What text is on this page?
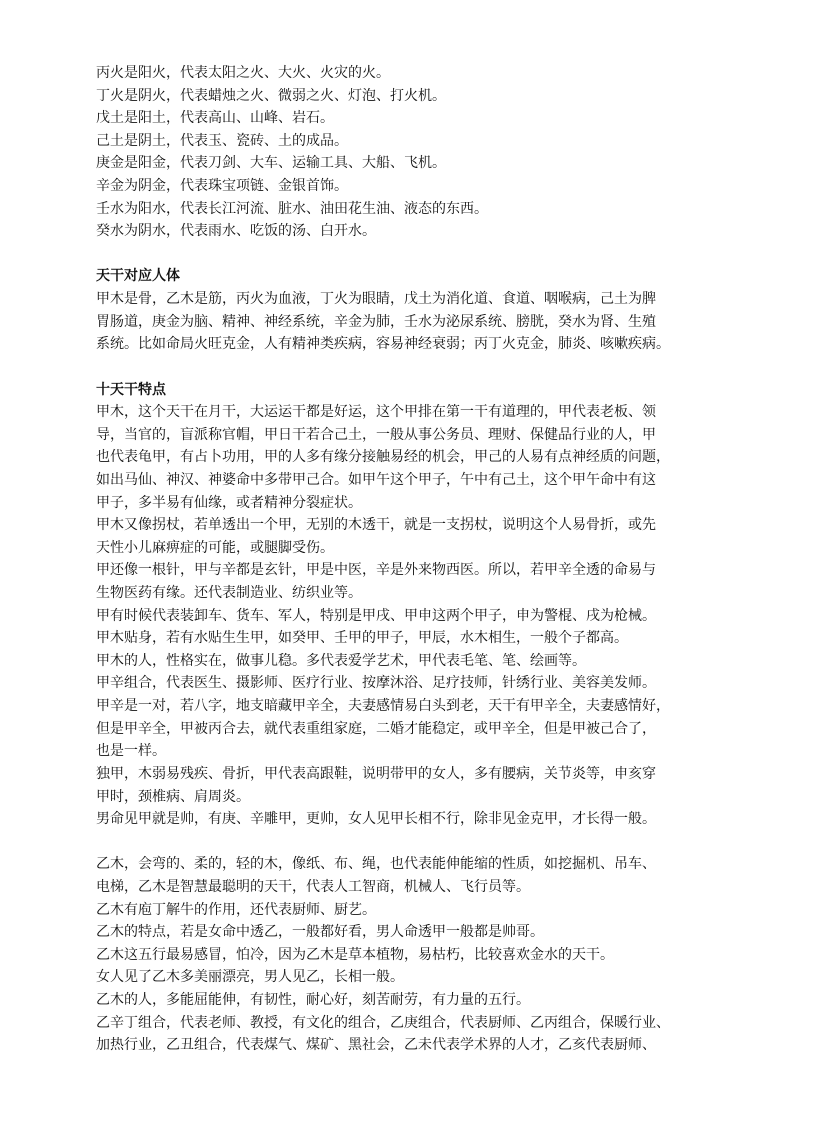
丙火是阳火，代表太阳之火、大火、火灾的火。
丁火是阴火，代表蜡烛之火、微弱之火、灯泡、打火机。
戊土是阳土，代表高山、山峰、岩石。
己土是阴土，代表玉、瓷砖、土的成品。
庚金是阳金，代表刀剑、大车、运输工具、大船、飞机。
辛金为阴金，代表珠宝项链、金银首饰。
壬水为阳水，代表长江河流、脏水、油田花生油、液态的东西。
癸水为阴水，代表雨水、吃饭的汤、白开水。
天干对应人体
甲木是骨，乙木是筋，丙火为血液，丁火为眼睛，戊土为消化道、食道、咽喉病，己土为脾
胃肠道，庚金为脑、精神、神经系统，辛金为肺，壬水为泌尿系统、膀胱，癸水为肾、生殖
系统。比如命局火旺克金，人有精神类疾病，容易神经衰弱；丙丁火克金，肺炎、咳嗽疾病。
十天干特点
甲木，这个天干在月干，大运运干都是好运，这个甲排在第一干有道理的，甲代表老板、领
导，当官的，盲派称官帽，甲日干若合己土，一般从事公务员、理财、保健品行业的人，甲
也代表龟甲，有占卜功用，甲的人多有缘分接触易经的机会，甲己的人易有点神经质的问题，
如出马仙、神汉、神婆命中多带甲己合。如甲午这个甲子，午中有己土，这个甲午命中有这
甲子，多半易有仙缘，或者精神分裂症状。
甲木又像拐杖，若单透出一个甲，无别的木透干，就是一支拐杖，说明这个人易骨折，或先
天性小儿麻痹症的可能，或腿脚受伤。
甲还像一根针，甲与辛都是玄针，甲是中医，辛是外来物西医。所以，若甲辛全透的命易与
生物医药有缘。还代表制造业、纺织业等。
甲有时候代表装卸车、货车、军人，特别是甲戌、甲申这两个甲子，申为警棍、戌为枪械。
甲木贴身，若有水贴生生甲，如癸甲、壬甲的甲子，甲辰，水木相生，一般个子都高。
甲木的人，性格实在，做事儿稳。多代表爱学艺术，甲代表毛笔、笔、绘画等。
甲辛组合，代表医生、摄影师、医疗行业、按摩沐浴、足疗技师，针绣行业、美容美发师。
甲辛是一对，若八字，地支暗藏甲辛全，夫妻感情易白头到老，天干有甲辛全，夫妻感情好，
但是甲辛全，甲被丙合去，就代表重组家庭，二婚才能稳定，或甲辛全，但是甲被己合了，
也是一样。
独甲，木弱易残疾、骨折，甲代表高跟鞋，说明带甲的女人，多有腰病，关节炎等，申亥穿
甲时，颈椎病、肩周炎。
男命见甲就是帅，有庚、辛雕甲，更帅，女人见甲长相不行，除非见金克甲，才长得一般。
乙木，会弯的、柔的，轻的木，像纸、布、绳，也代表能伸能缩的性质，如挖掘机、吊车、
电梯，乙木是智慧最聪明的天干，代表人工智商，机械人、飞行员等。
乙木有庖丁解牛的作用，还代表厨师、厨艺。
乙木的特点，若是女命中透乙，一般都好看，男人命透甲一般都是帅哥。
乙木这五行最易感冒，怕冷，因为乙木是草本植物，易枯朽，比较喜欢金水的天干。
女人见了乙木多美丽漂亮，男人见乙，长相一般。
乙木的人，多能屈能伸，有韧性，耐心好，刻苦耐劳，有力量的五行。
乙辛丁组合，代表老师、教授，有文化的组合，乙庚组合，代表厨师、乙丙组合，保暖行业、
加热行业，乙丑组合，代表煤气、煤矿、黑社会，乙未代表学术界的人才，乙亥代表厨师、
